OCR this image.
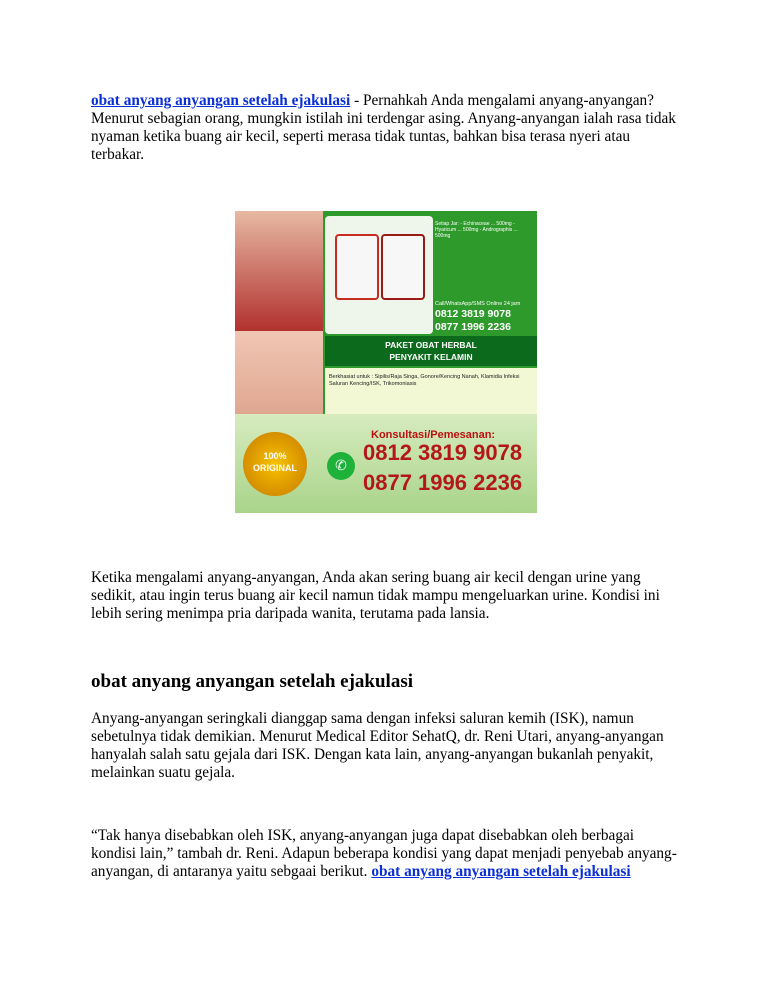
obat anyang anyangan setelah ejakulasi - Pernahkah Anda mengalami anyang-anyangan? Menurut sebagian orang, mungkin istilah ini terdengar asing. Anyang-anyangan ialah rasa tidak nyaman ketika buang air kecil, seperti merasa tidak tuntas, bahkan bisa terasa nyeri atau terbakar.
Setiap Jar: - Echinaceae ... 500mg - Hyaricum ... 500mg - Andrographis ... 500mg
Call/WhatsApp/SMS Online 24 jam
0812 3819 9078
0877 1996 2236
PAKET OBAT HERBAL
PENYAKIT KELAMIN
Berkhasiat untuk : Sipilis/Raja Singa, Gonore/Kencing Nanah, Klamidia Infeksi Saluran Kencing/ISK, Trikomoniasis
100%
ORIGINAL
Konsultasi/Pemesanan:
✆
0812 3819 9078
0877 1996 2236
Ketika mengalami anyang-anyangan, Anda akan sering buang air kecil dengan urine yang sedikit, atau ingin terus buang air kecil namun tidak mampu mengeluarkan urine. Kondisi ini lebih sering menimpa pria daripada wanita, terutama pada lansia.
obat anyang anyangan setelah ejakulasi
Anyang-anyangan seringkali dianggap sama dengan infeksi saluran kemih (ISK), namun sebetulnya tidak demikian. Menurut Medical Editor SehatQ, dr. Reni Utari, anyang-anyangan hanyalah salah satu gejala dari ISK. Dengan kata lain, anyang-anyangan bukanlah penyakit, melainkan suatu gejala.
“Tak hanya disebabkan oleh ISK, anyang-anyangan juga dapat disebabkan oleh berbagai kondisi lain,” tambah dr. Reni. Adapun beberapa kondisi yang dapat menjadi penyebab anyang-anyangan, di antaranya yaitu sebgaai berikut. obat anyang anyangan setelah ejakulasi
